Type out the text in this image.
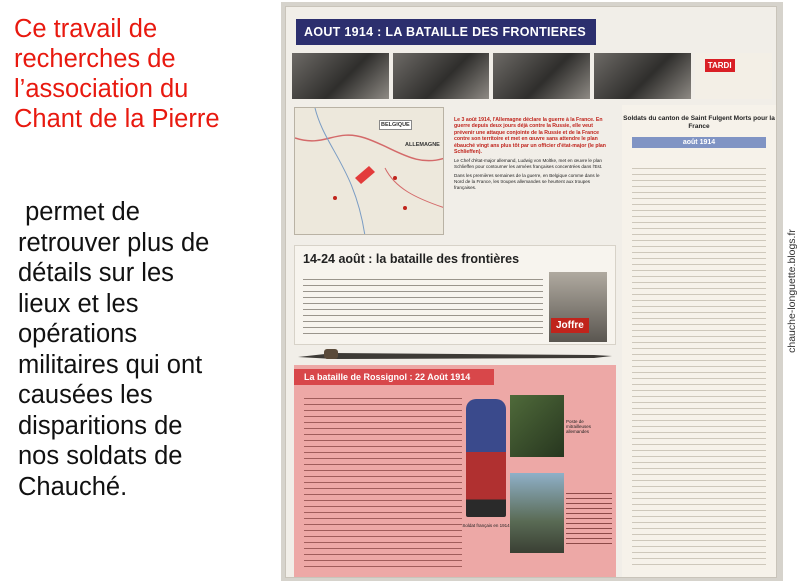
Ce travail de
recherches de
l’association du
Chant de la Pierre
permet de
retrouver plus de
détails sur les
lieux et les
opérations
militaires qui ont
causées les
disparitions de
nos soldats de
Chauché.
AOUT 1914 : LA BATAILLE DES FRONTIERES
TARDI
BELGIQUE
ALLEMAGNE

Le 3 août 1914, l'Allemagne déclare la guerre à la France. En guerre depuis deux jours déjà contre la Russie, elle veut prévenir une attaque conjointe de la Russie et de la France contre son territoire et met en œuvre sans attendre le plan ébauché vingt ans plus tôt par un officier d'état-major (le plan Schlieffen).

Le Chef d'état-major allemand, Ludwig von Moltke, met en œuvre le plan Schlieffen pour contourner les armées françaises concentrées dans l'Est.

Dans les premières semaines de la guerre, en Belgique comme dans le Nord de la France, les troupes allemandes se heurtent aux troupes françaises.

Soldats du canton de Saint Fulgent Morts pour la France
août 1914
14-24 août : la bataille des frontières
Joffre
La bataille de Rossignol : 22 Août 1914
Soldat français en 1914
Poste de mitrailleuses allemandes
chauche-longuette.blogs.fr
